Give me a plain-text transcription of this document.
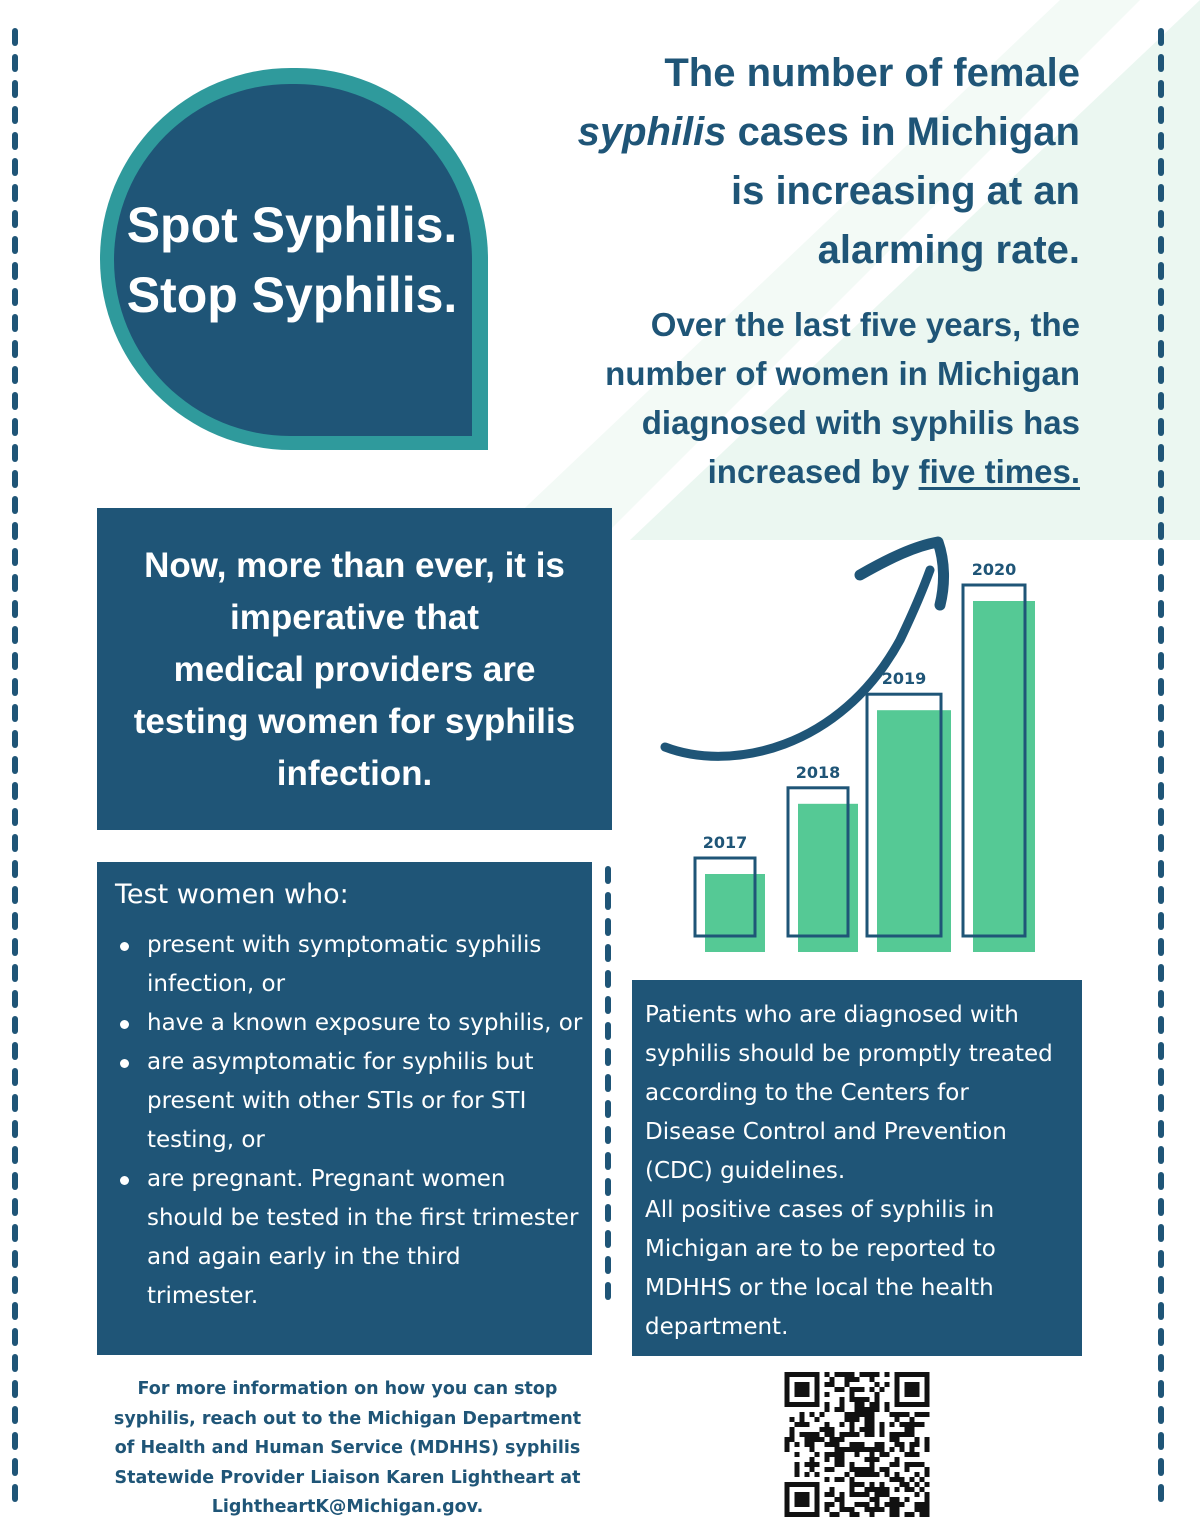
Spot Syphilis.
Stop Syphilis.
The number of female
syphilis cases in Michigan
is increasing at an
alarming rate.
Over the last five years, the
number of women in Michigan
diagnosed with syphilis has
increased by five times.
Now, more than ever, it is
imperative that
medical providers are
testing women for syphilis
infection.
2017
2018
2019
2020
Test women who:
present with symptomatic syphilis
infection, or
have a known exposure to syphilis, or
are asymptomatic for syphilis but
present with other STIs or for STI
testing, or
are pregnant. Pregnant women
should be tested in the first trimester
and again early in the third
trimester.
Patients who are diagnosed with
syphilis should be promptly treated
according to the Centers for
Disease Control and Prevention
(CDC) guidelines.
All positive cases of syphilis in
Michigan are to be reported to
MDHHS or the local the health
department.
For more information on how you can stop
syphilis, reach out to the Michigan Department
of Health and Human Service (MDHHS) syphilis
Statewide Provider Liaison Karen Lightheart at
LightheartK@Michigan.gov.
